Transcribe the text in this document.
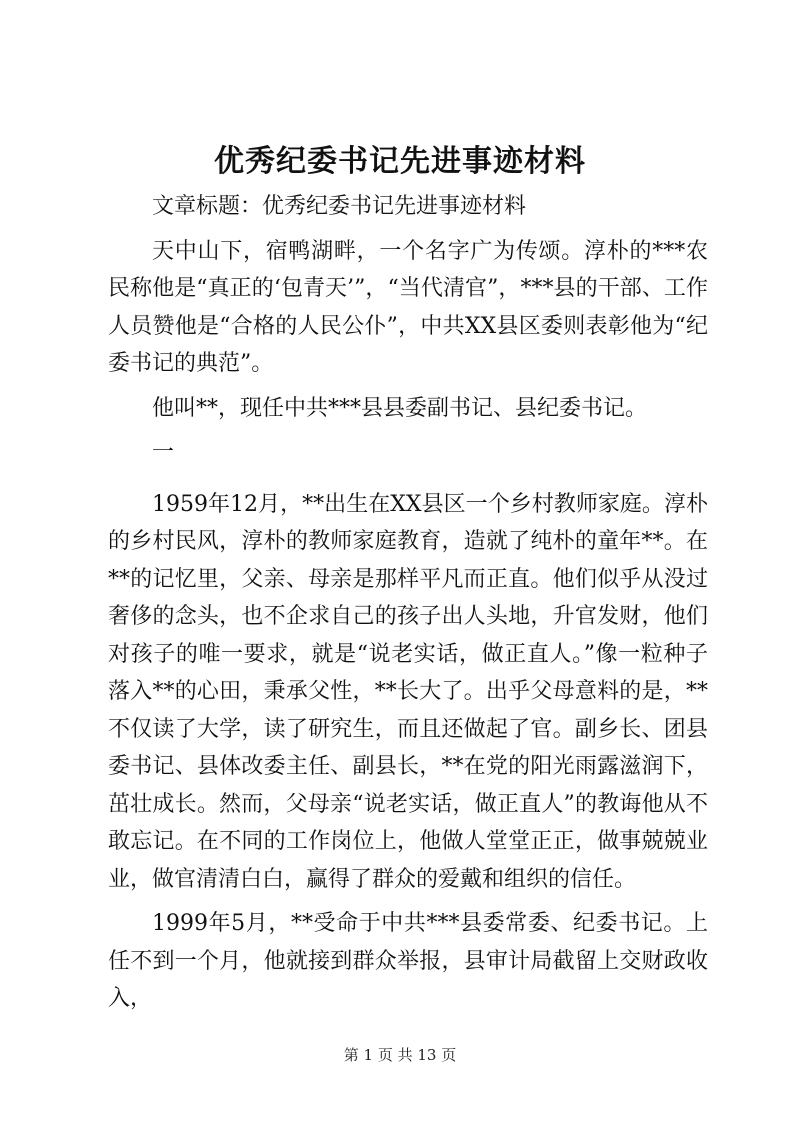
优秀纪委书记先进事迹材料

文章标题：优秀纪委书记先进事迹材料

天中山下，宿鸭湖畔，一个名字广为传颂。淳朴的***农民称他是“真正的‘包青天’”，“当代清官”，***县的干部、工作人员赞他是“合格的人民公仆”，中共XX县区委则表彰他为“纪委书记的典范”。

他叫**，现任中共***县县委副书记、县纪委书记。

一

1959年12月，**出生在XX县区一个乡村教师家庭。淳朴的乡村民风，淳朴的教师家庭教育，造就了纯朴的童年**。在**的记忆里，父亲、母亲是那样平凡而正直。他们似乎从没过奢侈的念头，也不企求自己的孩子出人头地，升官发财，他们对孩子的唯一要求，就是“说老实话，做正直人。”像一粒种子落入**的心田，秉承父性，**长大了。出乎父母意料的是，**不仅读了大学，读了研究生，而且还做起了官。副乡长、团县委书记、县体改委主任、副县长，**在党的阳光雨露滋润下，茁壮成长。然而，父母亲“说老实话，做正直人”的教诲他从不敢忘记。在不同的工作岗位上，他做人堂堂正正，做事兢兢业业，做官清清白白，赢得了群众的爱戴和组织的信任。

1999年5月，**受命于中共***县委常委、纪委书记。上任不到一个月，他就接到群众举报，县审计局截留上交财政收入，

第 1 页 共 13 页
